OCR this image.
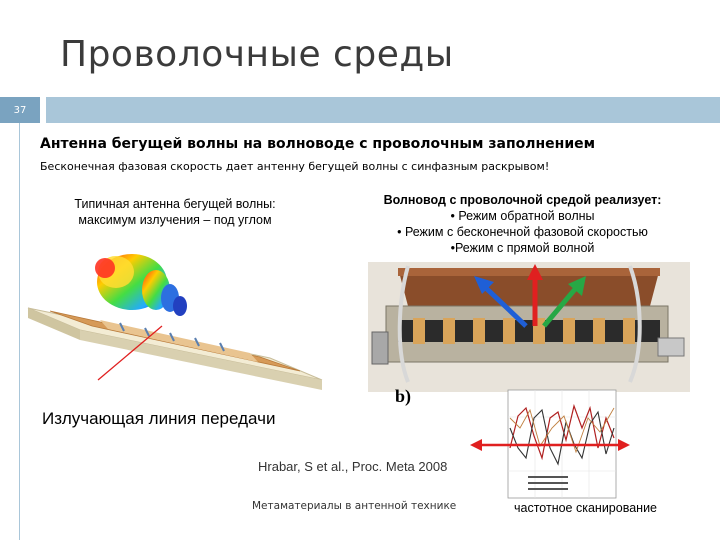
Проволочные среды
37
Антенна бегущей волны на волноводе с проволочным заполнением
Бесконечная фазовая скорость дает антенну бегущей волны с синфазным раскрывом!
Типичная антенна бегущей волны:
максимум излучения – под углом
Волновод с проволочной средой реализует:
• Режим обратной волны
• Режим с бесконечной фазовой скоростью
•Режим с прямой волной
b)
Излучающая линия передачи
Hrabar, S et al., Proc. Meta 2008
Метаматериалы в антенной технике	частотное сканирование
